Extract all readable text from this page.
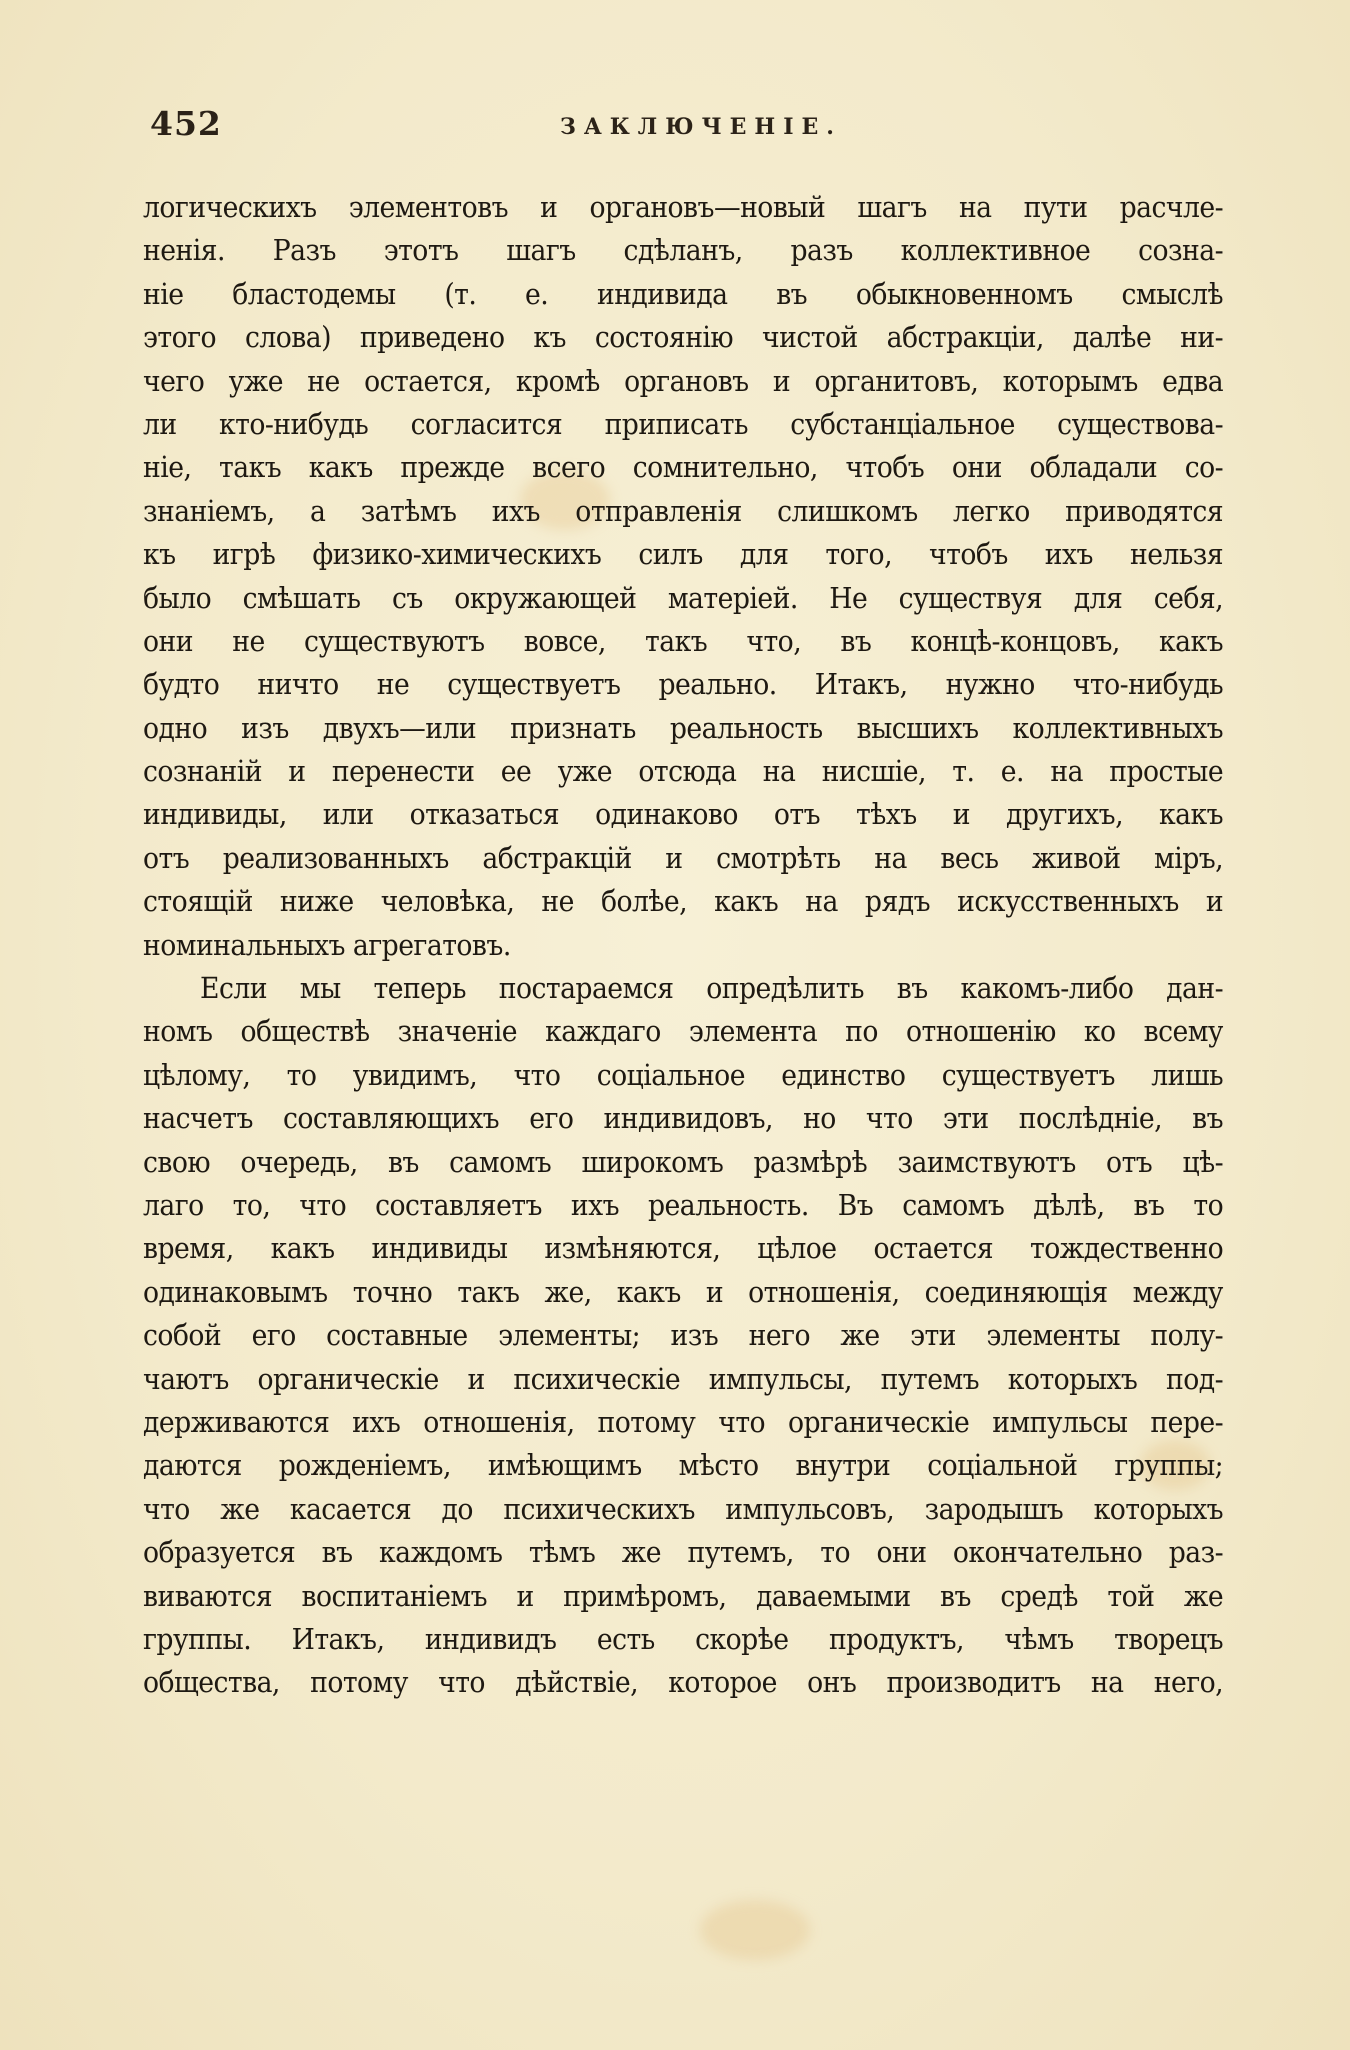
452	ЗАКЛЮЧЕНІЕ.
логическихъ элементовъ и органовъ—новый шагъ на пути расчле-
ненія. Разъ этотъ шагъ сдѣланъ, разъ коллективное созна-
ніе бластодемы (т. е. индивида въ обыкновенномъ смыслѣ
этого слова) приведено къ состоянію чистой абстракціи, далѣе ни-
чего уже не остается, кромѣ органовъ и органитовъ, которымъ едва
ли кто-нибудь согласится приписать субстанціальное существова-
ніе, такъ какъ прежде всего сомнительно, чтобъ они обладали со-
знаніемъ, а затѣмъ ихъ отправленія слишкомъ легко приводятся
къ игрѣ физико-химическихъ силъ для того, чтобъ ихъ нельзя
было смѣшать съ окружающей матеріей. Не существуя для себя,
они не существуютъ вовсе, такъ что, въ концѣ-концовъ, какъ
будто ничто не существуетъ реально. Итакъ, нужно что-нибудь
одно изъ двухъ—или признать реальность высшихъ коллективныхъ
сознаній и перенести ее уже отсюда на нисшіе, т. е. на простые
индивиды, или отказаться одинаково отъ тѣхъ и другихъ, какъ
отъ реализованныхъ абстракцій и смотрѣть на весь живой міръ,
стоящій ниже человѣка, не болѣе, какъ на рядъ искусственныхъ и
номинальныхъ агрегатовъ.
Если мы теперь постараемся опредѣлить въ какомъ-либо дан-
номъ обществѣ значеніе каждаго элемента по отношенію ко всему
цѣлому, то увидимъ, что соціальное единство существуетъ лишь
насчетъ составляющихъ его индивидовъ, но что эти послѣдніе, въ
свою очередь, въ самомъ широкомъ размѣрѣ заимствуютъ отъ цѣ-
лаго то, что составляетъ ихъ реальность. Въ самомъ дѣлѣ, въ то
время, какъ индивиды измѣняются, цѣлое остается тождественно
одинаковымъ точно такъ же, какъ и отношенія, соединяющія между
собой его составные элементы; изъ него же эти элементы полу-
чаютъ органическіе и психическіе импульсы, путемъ которыхъ под-
держиваются ихъ отношенія, потому что органическіе импульсы пере-
даются рожденіемъ, имѣющимъ мѣсто внутри соціальной группы;
что же касается до психическихъ импульсовъ, зародышъ которыхъ
образуется въ каждомъ тѣмъ же путемъ, то они окончательно раз-
виваются воспитаніемъ и примѣромъ, даваемыми въ средѣ той же
группы. Итакъ, индивидъ есть скорѣе продуктъ, чѣмъ творецъ
общества, потому что дѣйствіе, которое онъ производитъ на него,
